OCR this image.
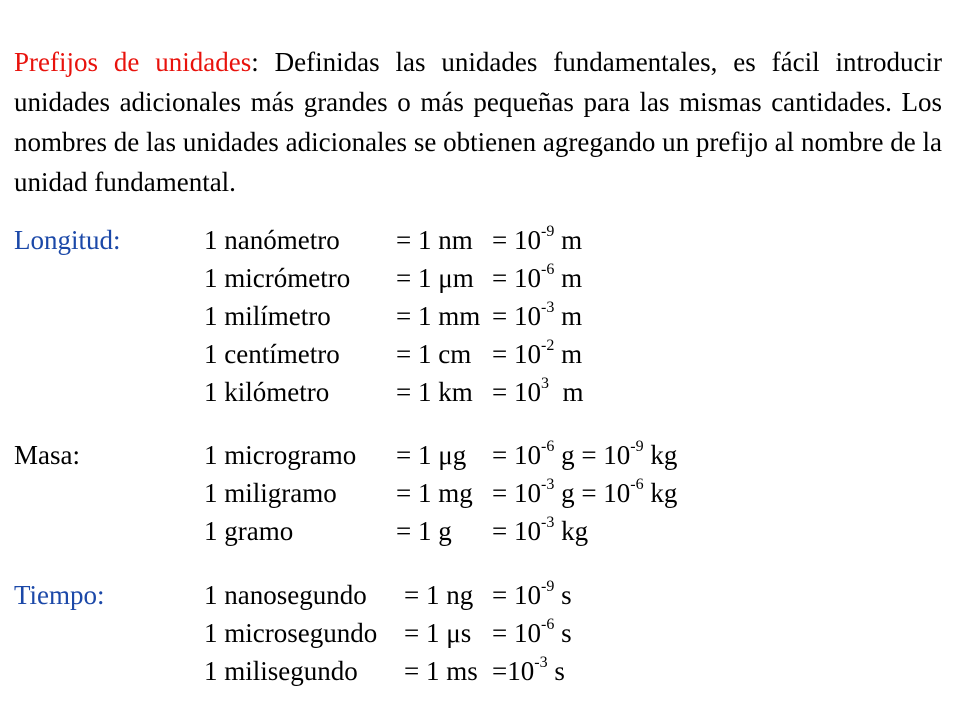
Prefijos de unidades: Definidas las unidades fundamentales, es fácil introducir unidades adicionales más grandes o más pequeñas para las mismas cantidades. Los nombres de las unidades adicionales se obtienen agregando un prefijo al nombre de la unidad fundamental.

Longitud:	1 nanómetro = 1 nm = $10^{-9}$ m
1 micrómetro = 1 $\mu m = 10^{-6}$ m
1 milímetro = 1 mm = $10^{-3}$ m
1 centímetro = 1 cm = $10^{-2}$ m
1 kilómetro = 1 km = $10^3$  m
Masa:	1 microgramo = 1 $\mu g = 10^{-6}$ $g = 10^{-9}$ kg
1 miligramo = 1 mg = $10^{-3}$ $g = 10^{-6}$ kg
1 gramo	= 1 $g = 10^{-3}$ kg
Tiempo:	1 nanosegundo = 1 ng = $10^{-9}$ s
1 microsegundo = 1 $\mu s = 10^{-6}$ s
1 milisegundo = 1 ms $=10^{-3}$ s
